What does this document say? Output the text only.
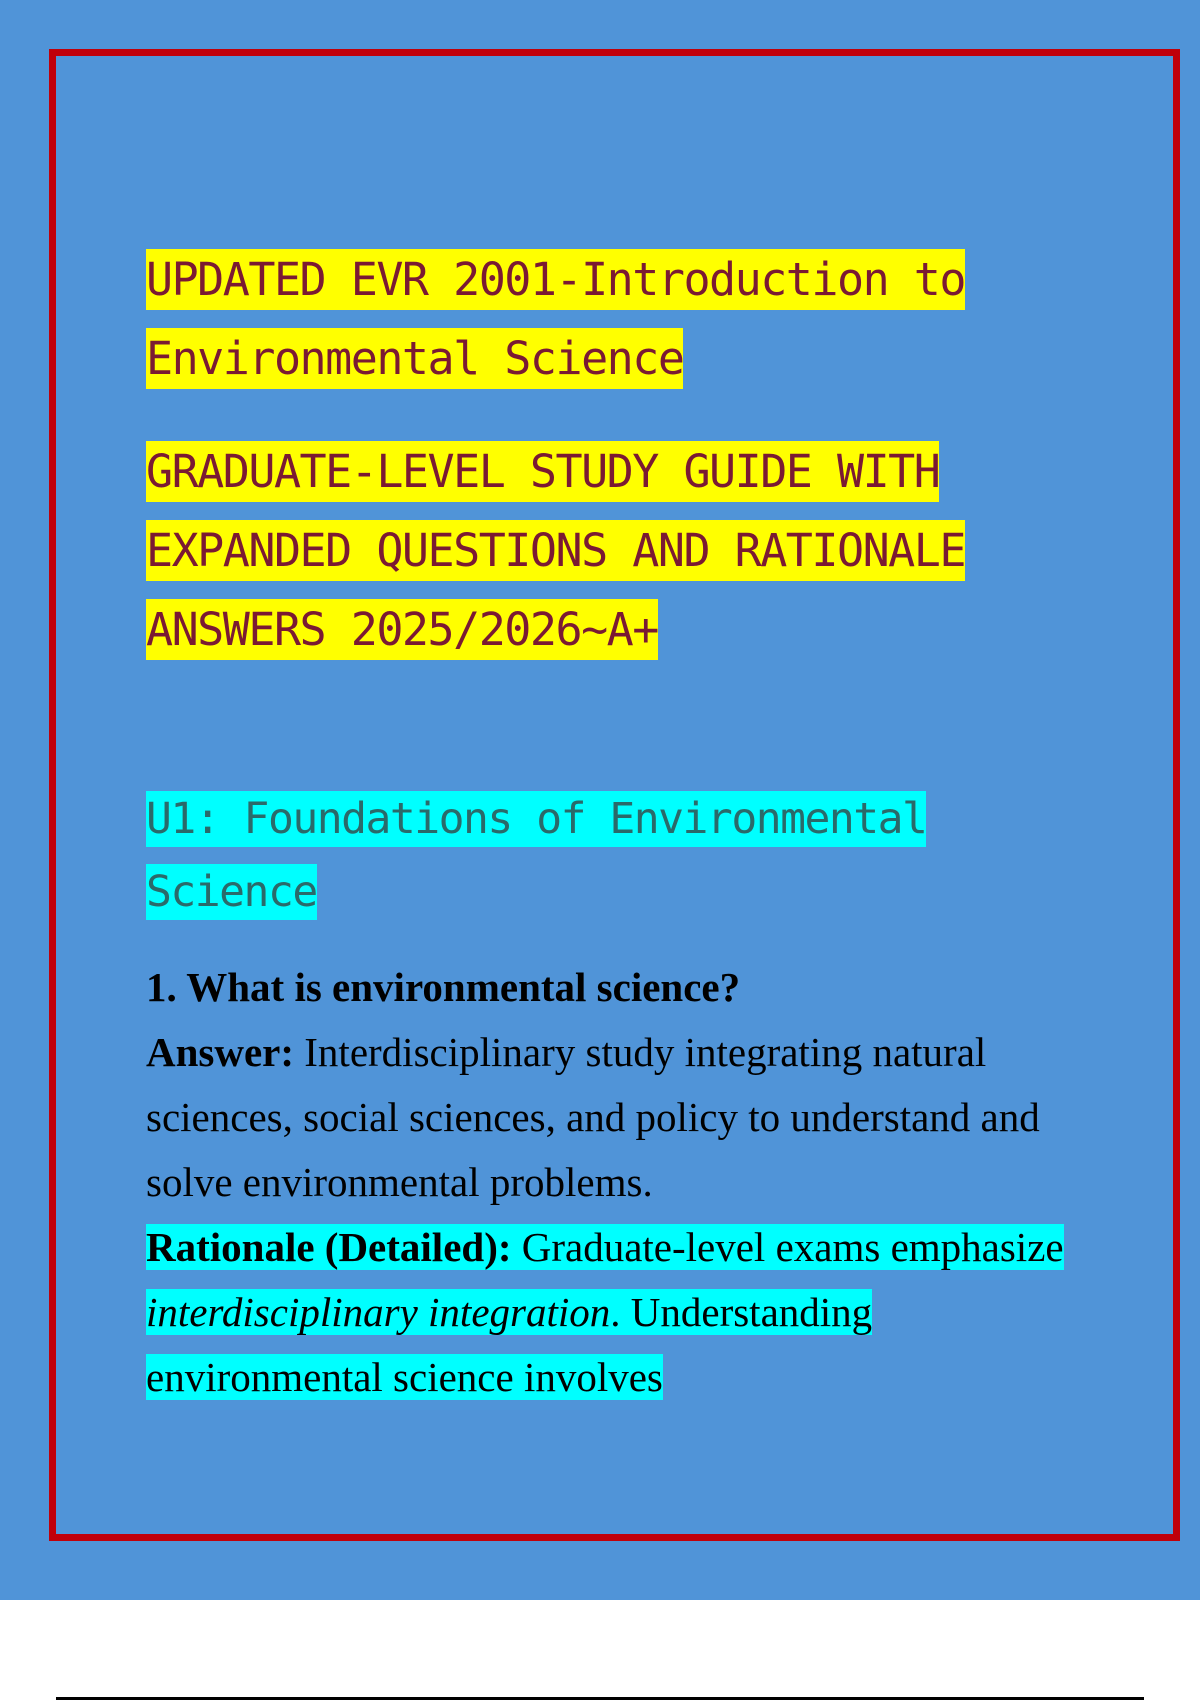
UPDATED EVR 2001-Introduction to Environmental Science

GRADUATE-LEVEL STUDY GUIDE WITH EXPANDED QUESTIONS AND RATIONALE ANSWERS 2025/2026~A+

U1: Foundations of Environmental Science

1. What is environmental science?
Answer: Interdisciplinary study integrating natural sciences, social sciences, and policy to understand and solve environmental problems.
Rationale (Detailed): Graduate-level exams emphasize interdisciplinary integration. Understanding environmental science involves
